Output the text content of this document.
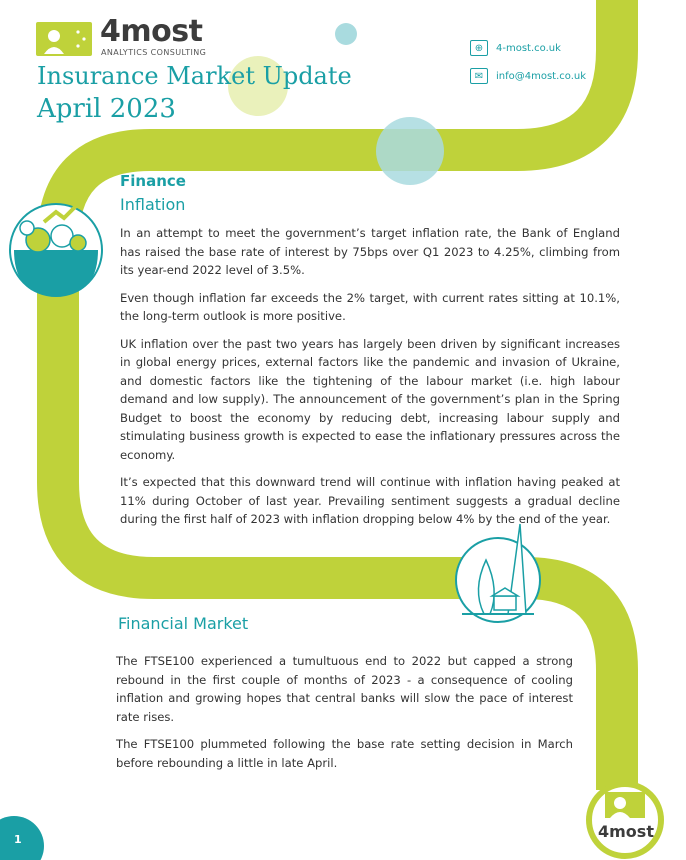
4most
ANALYTICS CONSULTING
Insurance Market Update
April 2023
⊕	4-most.co.uk
✉	info@4most.co.uk
Finance
Inflation

In an attempt to meet the government’s target inflation rate, the Bank of England has raised the base rate of interest by 75bps over Q1 2023 to 4.25%, climbing from its year-end 2022 level of 3.5%.

Even though inflation far exceeds the 2% target, with current rates sitting at 10.1%, the long-term outlook is more positive.

UK inflation over the past two years has largely been driven by significant increases in global energy prices, external factors like the pandemic and invasion of Ukraine, and domestic factors like the tightening of the labour market (i.e. high labour demand and low supply). The announcement of the government’s plan in the Spring Budget to boost the economy by reducing debt, increasing labour supply and stimulating business growth is expected to ease the inflationary pressures across the economy.

It’s expected that this downward trend will continue with inflation having peaked at 11% during October of last year. Prevailing sentiment suggests a gradual decline during the first half of 2023 with inflation dropping below 4% by the end of the year.

Financial Market

The FTSE100 experienced a tumultuous end to 2022 but capped a strong rebound in the first couple of months of 2023 - a consequence of cooling inflation and growing hopes that central banks will slow the pace of interest rate rises.

The FTSE100 plummeted following the base rate setting decision in March before rebounding a little in late April.

1	4most
